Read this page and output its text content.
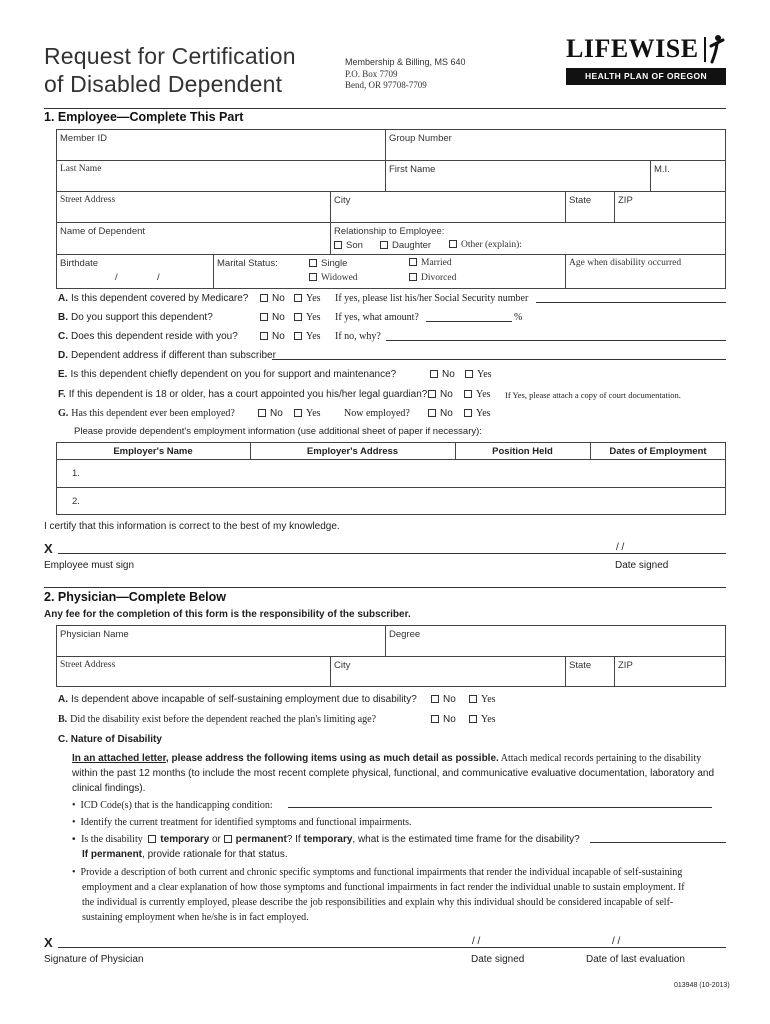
Request for Certification
of Disabled Dependent
Membership & Billing, MS 640
P.O. Box 7709
Bend, OR 97708-7709
LIFEWISE
HEALTH PLAN OF OREGON
1. Employee—Complete This Part
Member ID	Group Number
Last Name	First Name	M.I.
Street Address	City	State	ZIP
Name of Dependent	Relationship to Employee:
Son	Daughter	Other (explain):
Birthdate
/	/
Marital Status:	Single	Married
Widowed	Divorced
Age when disability occurred
A. Is this dependent covered by Medicare?	No	Yes If yes, please list his/her Social Security number
B. Do you support this dependent?	No	Yes If yes, what amount?	%
C. Does this dependent reside with you?	No	Yes If no, why?
D. Dependent address if different than subscriber
E. Is this dependent chiefly dependent on you for support and maintenance?	No	Yes
F. If this dependent is 18 or older, has a court appointed you his/her legal guardian?	No	Yes If Yes, please attach a copy of court documentation.
G. Has this dependent ever been employed?	No	Yes Now employed?	No	Yes
Please provide dependent's employment information (use additional sheet of paper if necessary):
Employer's Name	Employer's Address	Position Held	Dates of Employment
1.
2.
I certify that this information is correct to the best of my knowledge.
X	/ /
Employee must sign	Date signed
2. Physician—Complete Below
Any fee for the completion of this form is the responsibility of the subscriber.
Physician Name	Degree
Street Address	City	State	ZIP
A. Is dependent above incapable of self-sustaining employment due to disability?	No	Yes
B. Did the disability exist before the dependent reached the plan's limiting age?	No	Yes
C. Nature of Disability
In an attached letter, please address the following items using as much detail as possible. Attach medical records pertaining to the disability
within the past 12 months (to include the most recent complete physical, functional, and communicative evaluative documentation, laboratory and
clinical findings).
•  ICD Code(s) that is the handicapping condition:
•  Identify the current treatment for identified symptoms and functional impairments.
•  Is the disability temporary or permanent? If temporary, what is the estimated time frame for the disability?
If permanent, provide rationale for that status.
•  Provide a description of both current and chronic specific symptoms and functional impairments that render the individual incapable of self-sustaining
employment and a clear explanation of how those symptoms and functional impairments in fact render the individual unable to sustain employment. If
the individual is currently employed, please describe the job responsibilities and explain why this individual should be considered incapable of self-
sustaining employment when he/she is in fact employed.
X	/ /	/ /
Signature of Physician	Date signed	Date of last evaluation
013948 (10-2013)
